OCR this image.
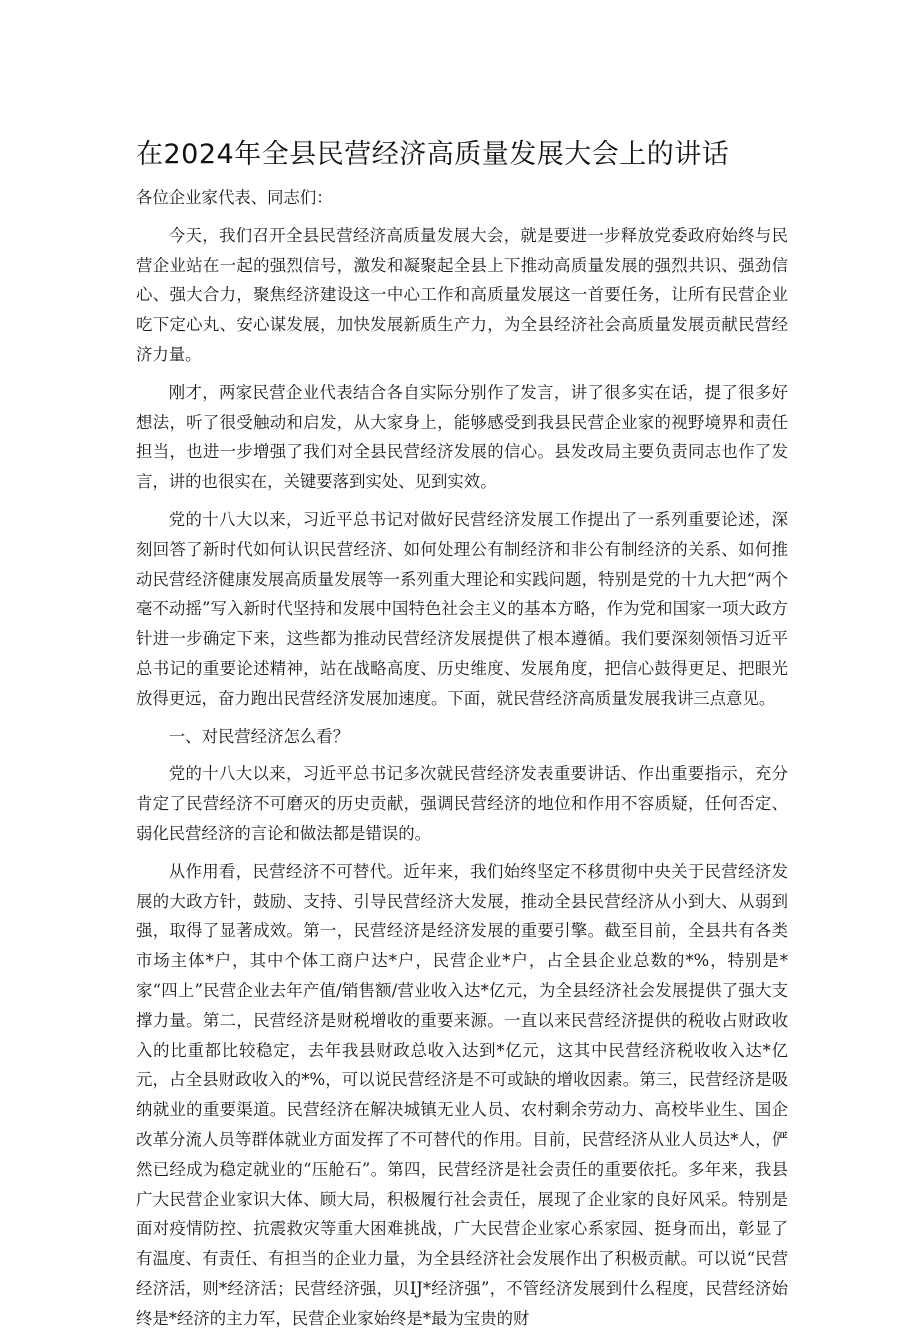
在2024年全县民营经济高质量发展大会上的讲话

各位企业家代表、同志们：

今天，我们召开全县民营经济高质量发展大会，就是要进一步释放党委政府始终与民营企业站在一起的强烈信号，激发和凝聚起全县上下推动高质量发展的强烈共识、强劲信心、强大合力，聚焦经济建设这一中心工作和高质量发展这一首要任务，让所有民营企业吃下定心丸、安心谋发展，加快发展新质生产力，为全县经济社会高质量发展贡献民营经济力量。

刚才，两家民营企业代表结合各自实际分别作了发言，讲了很多实在话，提了很多好想法，听了很受触动和启发，从大家身上，能够感受到我县民营企业家的视野境界和责任担当，也进一步增强了我们对全县民营经济发展的信心。县发改局主要负责同志也作了发言，讲的也很实在，关键要落到实处、见到实效。

党的十八大以来，习近平总书记对做好民营经济发展工作提出了一系列重要论述，深刻回答了新时代如何认识民营经济、如何处理公有制经济和非公有制经济的关系、如何推动民营经济健康发展高质量发展等一系列重大理论和实践问题，特别是党的十九大把“两个毫不动摇”写入新时代坚持和发展中国特色社会主义的基本方略，作为党和国家一项大政方针进一步确定下来，这些都为推动民营经济发展提供了根本遵循。我们要深刻领悟习近平总书记的重要论述精神，站在战略高度、历史维度、发展角度，把信心鼓得更足、把眼光放得更远，奋力跑出民营经济发展加速度。下面，就民营经济高质量发展我讲三点意见。

一、对民营经济怎么看？

党的十八大以来，习近平总书记多次就民营经济发表重要讲话、作出重要指示，充分肯定了民营经济不可磨灭的历史贡献，强调民营经济的地位和作用不容质疑，任何否定、弱化民营经济的言论和做法都是错误的。

从作用看，民营经济不可替代。近年来，我们始终坚定不移贯彻中央关于民营经济发展的大政方针，鼓励、支持、引导民营经济大发展，推动全县民营经济从小到大、从弱到强，取得了显著成效。第一，民营经济是经济发展的重要引擎。截至目前，全县共有各类市场主体*户，其中个体工商户达*户，民营企业*户，占全县企业总数的*%，特别是*家“四上”民营企业去年产值/销售额/营业收入达*亿元，为全县经济社会发展提供了强大支撑力量。第二，民营经济是财税增收的重要来源。一直以来民营经济提供的税收占财政收入的比重都比较稳定，去年我县财政总收入达到*亿元，这其中民营经济税收收入达*亿元，占全县财政收入的*%，可以说民营经济是不可或缺的增收因素。第三，民营经济是吸纳就业的重要渠道。民营经济在解决城镇无业人员、农村剩余劳动力、高校毕业生、国企改革分流人员等群体就业方面发挥了不可替代的作用。目前，民营经济从业人员达*人，俨然已经成为稳定就业的“压舱石”。第四，民营经济是社会责任的重要依托。多年来，我县广大民营企业家识大体、顾大局，积极履行社会责任，展现了企业家的良好风采。特别是面对疫情防控、抗震救灾等重大困难挑战，广大民营企业家心系家园、挺身而出，彰显了有温度、有责任、有担当的企业力量，为全县经济社会发展作出了积极贡献。可以说“民营经济活，则*经济活；民营经济强，贝IJ*经济强”，不管经济发展到什么程度，民营经济始终是*经济的主力军，民营企业家始终是*最为宝贵的财
